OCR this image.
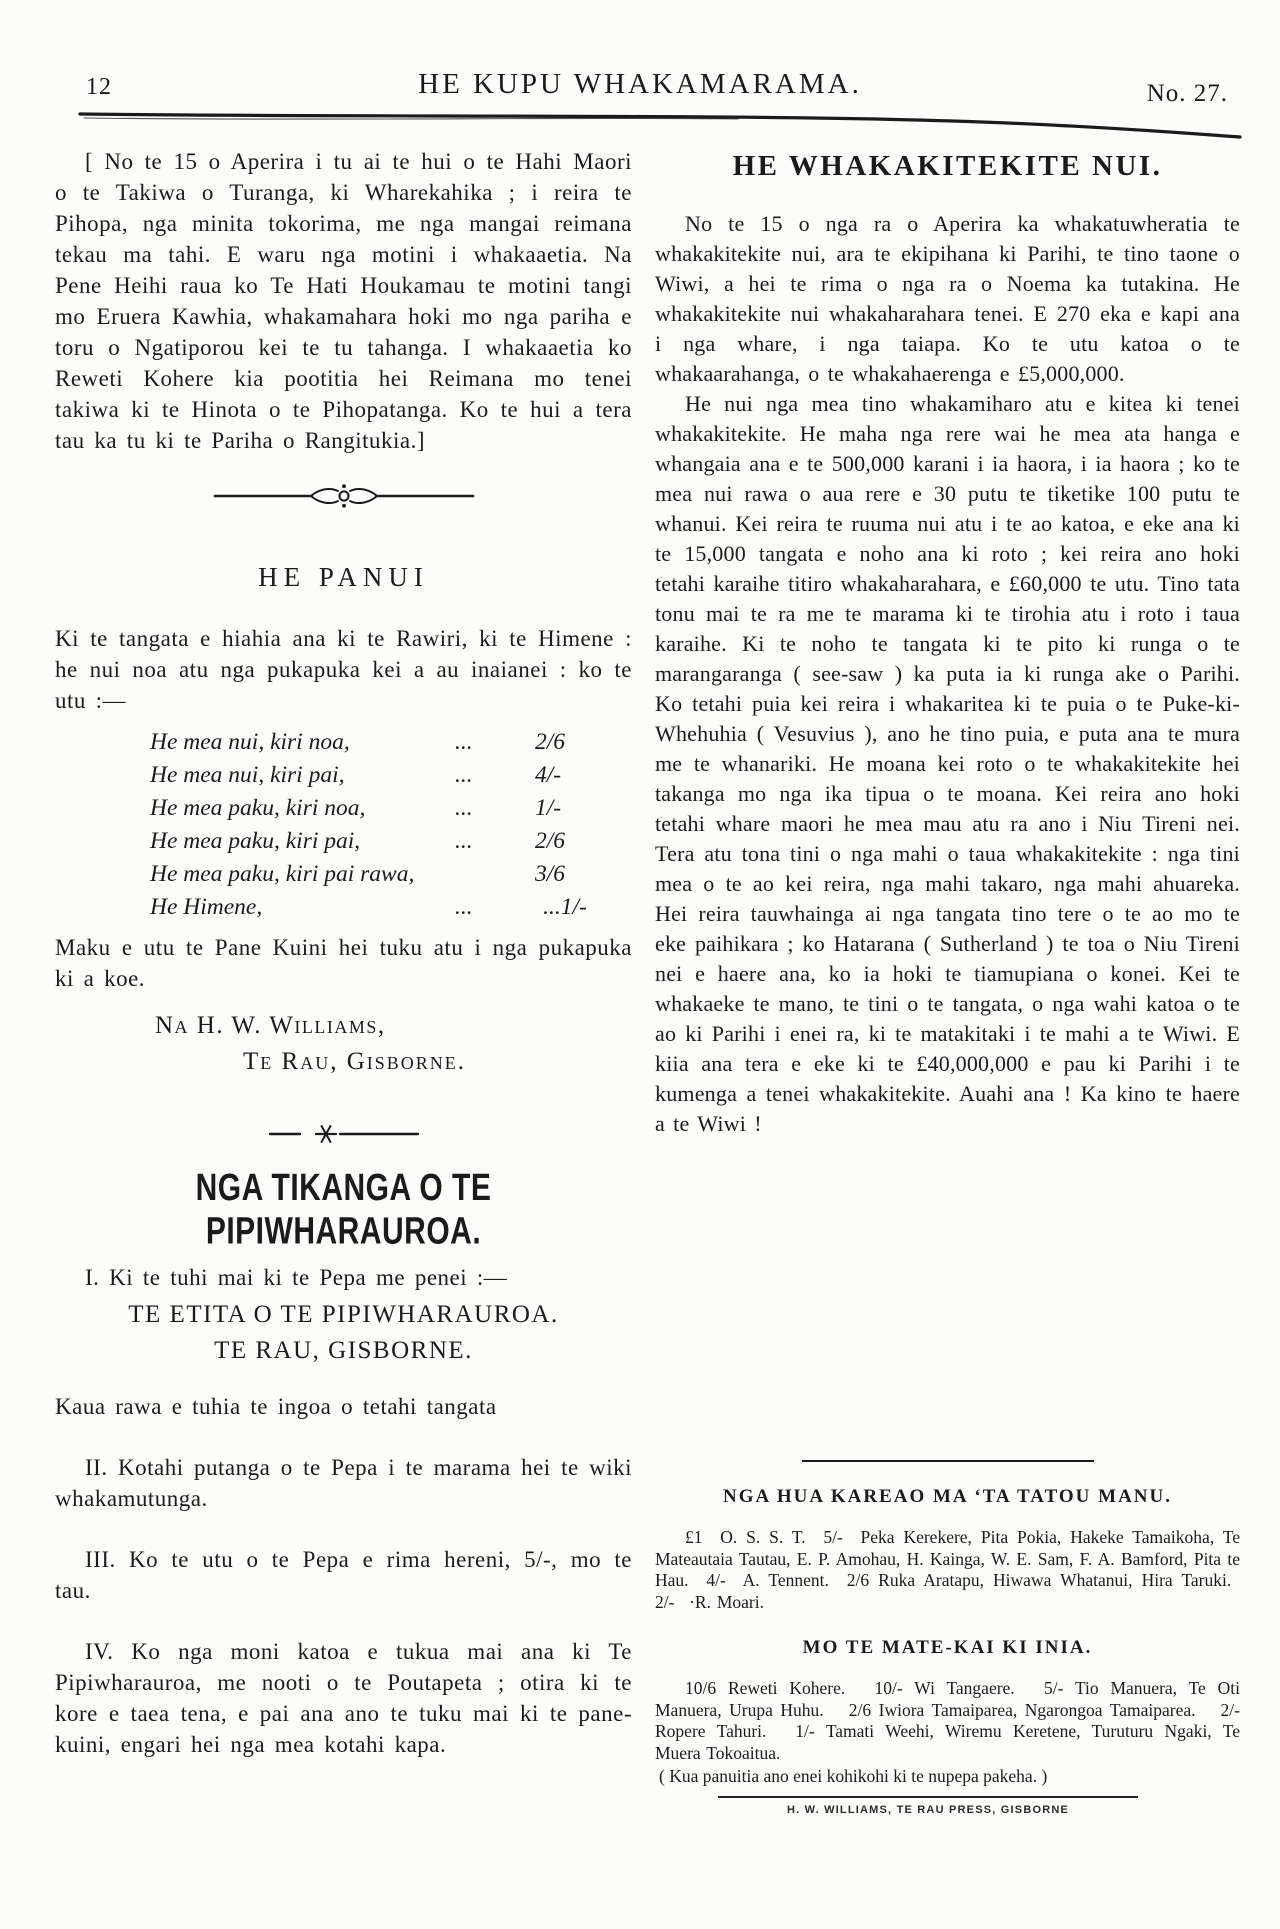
12	HE KUPU WHAKAMARAMA.	No. 27.

[ No te 15 o Aperira i tu ai te hui o te Hahi Maori o te Takiwa o Turanga, ki Wharekahika ; i reira te Pihopa, nga minita tokorima, me nga mangai reimana tekau ma tahi. E waru nga motini i whakaaetia. Na Pene Heihi raua ko Te Hati Houkamau te motini tangi mo Eruera Kawhia, whakamahara hoki mo nga pariha e toru o Ngatiporou kei te tu tahanga. I whakaaetia ko Reweti Kohere kia pootitia hei Reimana mo tenei takiwa ki te Hinota o te Pihopatanga. Ko te hui a tera tau ka tu ki te Pariha o Rangitukia.]

HE PANUI

Ki te tangata e hiahia ana ki te Rawiri, ki te Himene : he nui noa atu nga pukapuka kei a au inaianei : ko te utu :—

He mea nui, kiri noa,	...	2/6
He mea nui, kiri pai,	...	4/-
He mea paku, kiri noa,	...	1/-
He mea paku, kiri pai,	...	2/6
He mea paku, kiri pai rawa,	3/6
He Himene,	...   ... 1/-

Maku e utu te Pane Kuini hei tuku atu i nga pukapuka ki a koe.

Na H. W. Williams,
Te Rau, Gisborne.
NGA TIKANGA O TE PIPIWHARAUROA.

I. Ki te tuhi mai ki te Pepa me penei :—

TE ETITA O TE PIPIWHARAUROA.
TE RAU, GISBORNE.

Kaua rawa e tuhia te ingoa o tetahi tangata

II. Kotahi putanga o te Pepa i te marama hei te wiki whakamutunga.

III. Ko te utu o te Pepa e rima hereni, 5/-, mo te tau.

IV. Ko nga moni katoa e tukua mai ana ki Te Pipiwharauroa, me nooti o te Poutapeta ; otira ki te kore e taea tena, e pai ana ano te tuku mai ki te pane-kuini, engari hei nga mea kotahi kapa.

HE WHAKAKITEKITE NUI.

No te 15 o nga ra o Aperira ka whakatuwheratia te whakakitekite nui, ara te ekipihana ki Parihi, te tino taone o Wiwi, a hei te rima o nga ra o Noema ka tutakina. He whakakitekite nui whakaharahara tenei. E 270 eka e kapi ana i nga whare, i nga taiapa. Ko te utu katoa o te whakaarahanga, o te whakahaerenga e £5,000,000.

He nui nga mea tino whakamiharo atu e kitea ki tenei whakakitekite. He maha nga rere wai he mea ata hanga e whangaia ana e te 500,000 karani i ia haora, i ia haora ; ko te mea nui rawa o aua rere e 30 putu te tiketike 100 putu te whanui. Kei reira te ruuma nui atu i te ao katoa, e eke ana ki te 15,000 tangata e noho ana ki roto ; kei reira ano hoki tetahi karaihe titiro whakaharahara, e £60,000 te utu. Tino tata tonu mai te ra me te marama ki te tirohia atu i roto i taua karaihe. Ki te noho te tangata ki te pito ki runga o te marangaranga ( see-saw ) ka puta ia ki runga ake o Parihi. Ko tetahi puia kei reira i whakaritea ki te puia o te Puke-ki-Whehuhia ( Vesuvius ), ano he tino puia, e puta ana te mura me te whanariki. He moana kei roto o te whakakitekite hei takanga mo nga ika tipua o te moana. Kei reira ano hoki tetahi whare maori he mea mau atu ra ano i Niu Tireni nei. Tera atu tona tini o nga mahi o taua whakakitekite : nga tini mea o te ao kei reira, nga mahi takaro, nga mahi ahuareka. Hei reira tauwhainga ai nga tangata tino tere o te ao mo te eke paihikara ; ko Hatarana ( Sutherland ) te toa o Niu Tireni nei e haere ana, ko ia hoki te tiamupiana o konei. Kei te whakaeke te mano, te tini o te tangata, o nga wahi katoa o te ao ki Parihi i enei ra, ki te matakitaki i te mahi a te Wiwi. E kiia ana tera e eke ki te £40,000,000 e pau ki Parihi i te kumenga a tenei whakakitekite. Auahi ana ! Ka kino te haere a te Wiwi !

NGA HUA KAREAO MA ʻTA TATOU MANU.

£1  O. S. S. T.  5/-  Peka Kerekere, Pita Pokia, Hakeke Tamaikoha, Te Mateautaia Tautau, E. P. Amohau, H. Kainga, W. E. Sam, F. A. Bamford, Pita te Hau.  4/-  A. Tennent.  2/6 Ruka Aratapu, Hiwawa Whatanui, Hira Taruki.  2/-  ·R. Moari.

MO TE MATE-KAI KI INIA.

10/6 Reweti Kohere.  10/- Wi Tangaere.  5/- Tio Manuera, Te Oti Manuera, Urupa Huhu.  2/6 Iwiora Tamaiparea, Ngarongoa Tamaiparea.  2/- Ropere Tahuri.  1/- Tamati Weehi, Wiremu Keretene, Turuturu Ngaki, Te Muera Tokoaitua.

( Kua panuitia ano enei kohikohi ki te nupepa pakeha. )

H. W. WILLIAMS, TE RAU PRESS, GISBORNE
